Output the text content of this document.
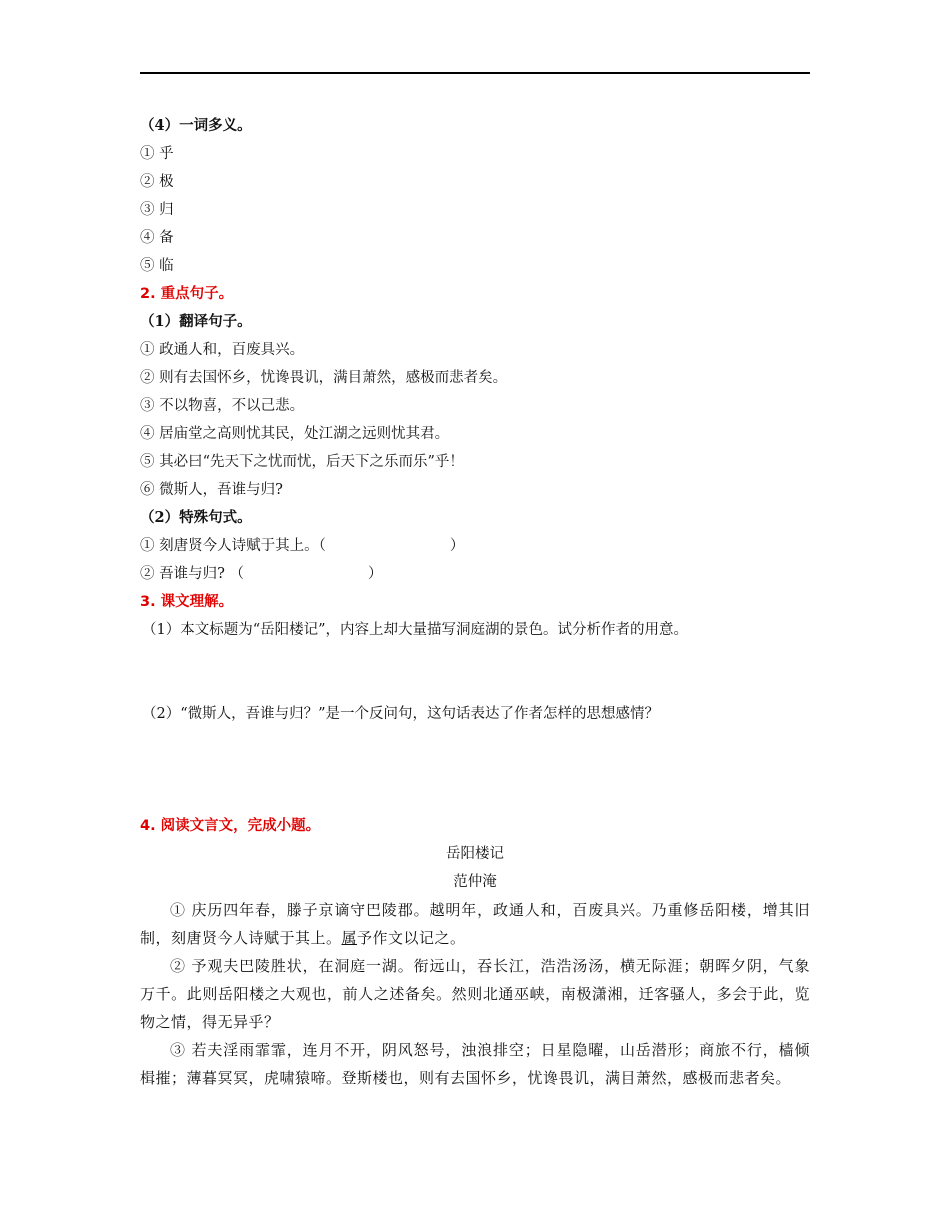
（4）一词多义。
① 乎
② 极
③ 归
④ 备
⑤ 临
2. 重点句子。
（1）翻译句子。
① 政通人和，百废具兴。
② 则有去国怀乡，忧谗畏讥，满目萧然，感极而悲者矣。
③ 不以物喜，不以己悲。
④ 居庙堂之高则忧其民，处江湖之远则忧其君。
⑤ 其必曰“先天下之忧而忧，后天下之乐而乐”乎！
⑥ 微斯人，吾谁与归?
（2）特殊句式。
① 刻唐贤今人诗赋于其上。（	）
② 吾谁与归? （	）
3. 课文理解。
（1）本文标题为“岳阳楼记”，内容上却大量描写洞庭湖的景色。试分析作者的用意。
（2）“微斯人，吾谁与归？”是一个反问句，这句话表达了作者怎样的思想感情？
4. 阅读文言文，完成小题。
岳阳楼记
范仲淹

① 庆历四年春，滕子京谪守巴陵郡。越明年，政通人和，百废具兴。乃重修岳阳楼，增其旧制，刻唐贤今人诗赋于其上。属予作文以记之。

② 予观夫巴陵胜状，在洞庭一湖。衔远山，吞长江，浩浩汤汤，横无际涯；朝晖夕阴，气象万千。此则岳阳楼之大观也，前人之述备矣。然则北通巫峡，南极潇湘，迁客骚人，多会于此，览物之情，得无异乎？

③ 若夫淫雨霏霏，连月不开，阴风怒号，浊浪排空；日星隐曜，山岳潜形；商旅不行，樯倾楫摧；薄暮冥冥，虎啸猿啼。登斯楼也，则有去国怀乡，忧谗畏讥，满目萧然，感极而悲者矣。
